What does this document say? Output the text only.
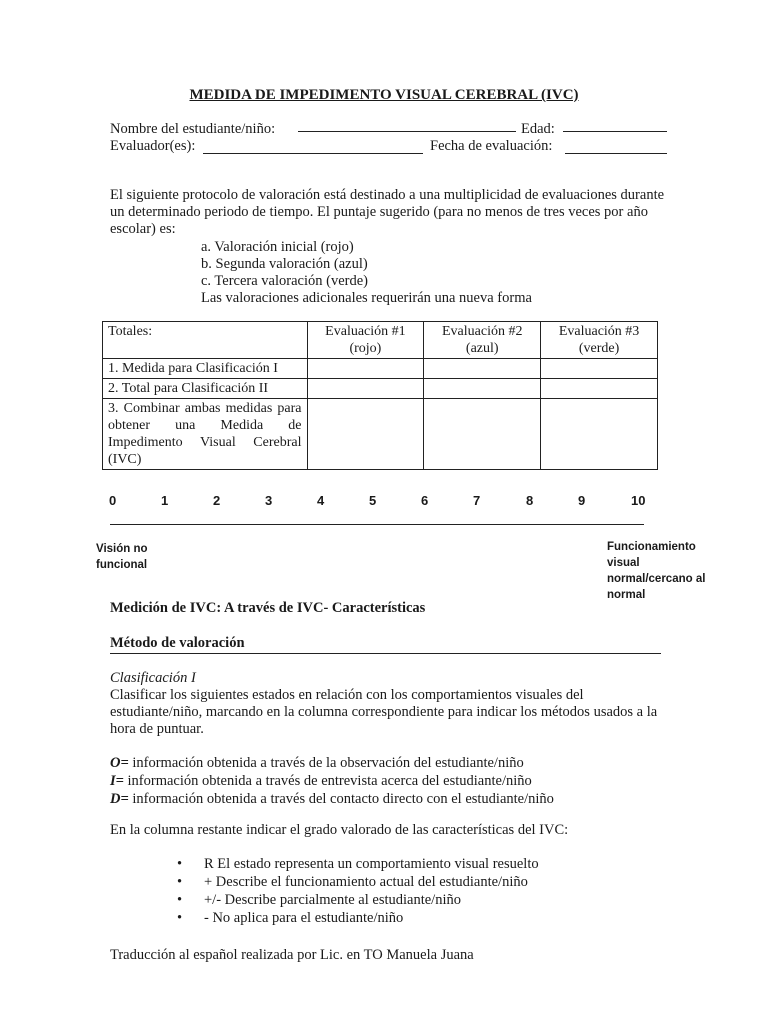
MEDIDA DE IMPEDIMENTO VISUAL CEREBRAL (IVC)
Nombre del estudiante/niño:	Edad:
Evaluador(es):	Fecha de evaluación:
El siguiente protocolo de valoración está destinado a una multiplicidad de evaluaciones durante un determinado periodo de tiempo. El puntaje sugerido (para no menos de tres veces por año escolar) es:
a. Valoración inicial (rojo)
b. Segunda valoración (azul)
c. Tercera valoración (verde)
Las valoraciones adicionales requerirán una nueva forma
Totales:	Evaluación #1 (rojo)	Evaluación #2 (azul)	Evaluación #3 (verde)
1. Medida para Clasificación I			
2. Total para Clasificación II			
3. Combinar ambas medidas para obtener una Medida de Impedimento Visual Cerebral (IVC)			
0	1	2	3	4	5	6	7	8	9	10
Visión no funcional
Funcionamiento visual normal/cercano al normal
Medición de IVC: A través de IVC- Características
Método de valoración
Clasificación I
Clasificar los siguientes estados en relación con los comportamientos visuales del estudiante/niño, marcando en la columna correspondiente para indicar los métodos usados a la hora de puntuar.
O= información obtenida a través de la observación del estudiante/niño
I= información obtenida a través de entrevista acerca del estudiante/niño
D= información obtenida a través del contacto directo con el estudiante/niño
En la columna restante indicar el grado valorado de las características del IVC:
• R El estado representa un comportamiento visual resuelto
• + Describe el funcionamiento actual del estudiante/niño
• +/- Describe parcialmente al estudiante/niño
• - No aplica para el estudiante/niño
Traducción al español realizada por Lic. en TO Manuela Juana
